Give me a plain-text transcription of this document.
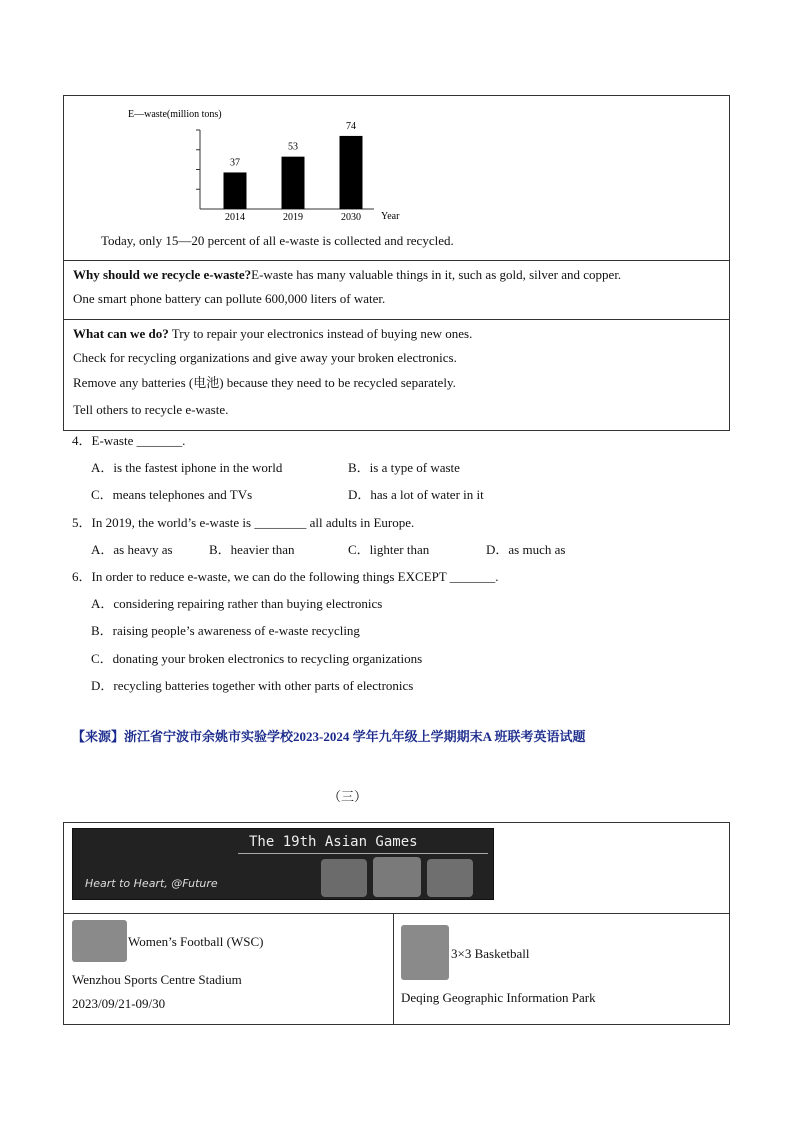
E—waste(million tons)
Year
37
2014
53
2019
74
2030
Today, only 15—20 percent of all e-waste is collected and recycled.
Why should we recycle e-waste?E-waste has many valuable things in it, such as gold, silver and copper.
One smart phone battery can pollute 600,000 liters of water.
What can we do? Try to repair your electronics instead of buying new ones.
Check for recycling organizations and give away your broken electronics.
Remove any batteries (电池) because they need to be recycled separately.
Tell others to recycle e-waste.
4．E-waste _______.
A．is the fastest iphone in the world	B．is a type of waste
C．means telephones and TVs	D．has a lot of water in it
5．In 2019, the world’s e-waste is ________ all adults in Europe.
A．as heavy as	B．heavier than	C．lighter than	D．as much as
6．In order to reduce e-waste, we can do the following things EXCEPT _______.
A．considering repairing rather than buying electronics
B．raising people’s awareness of e-waste recycling
C．donating your broken electronics to recycling organizations
D．recycling batteries together with other parts of electronics
【来源】浙江省宁波市余姚市实验学校2023-2024 学年九年级上学期期末A 班联考英语试题
（三）
The 19th Asian Games
Heart to Heart, @Future
Women’s Football (WSC)
Wenzhou Sports Centre Stadium
2023/09/21-09/30
3×3 Basketball
Deqing Geographic Information Park
